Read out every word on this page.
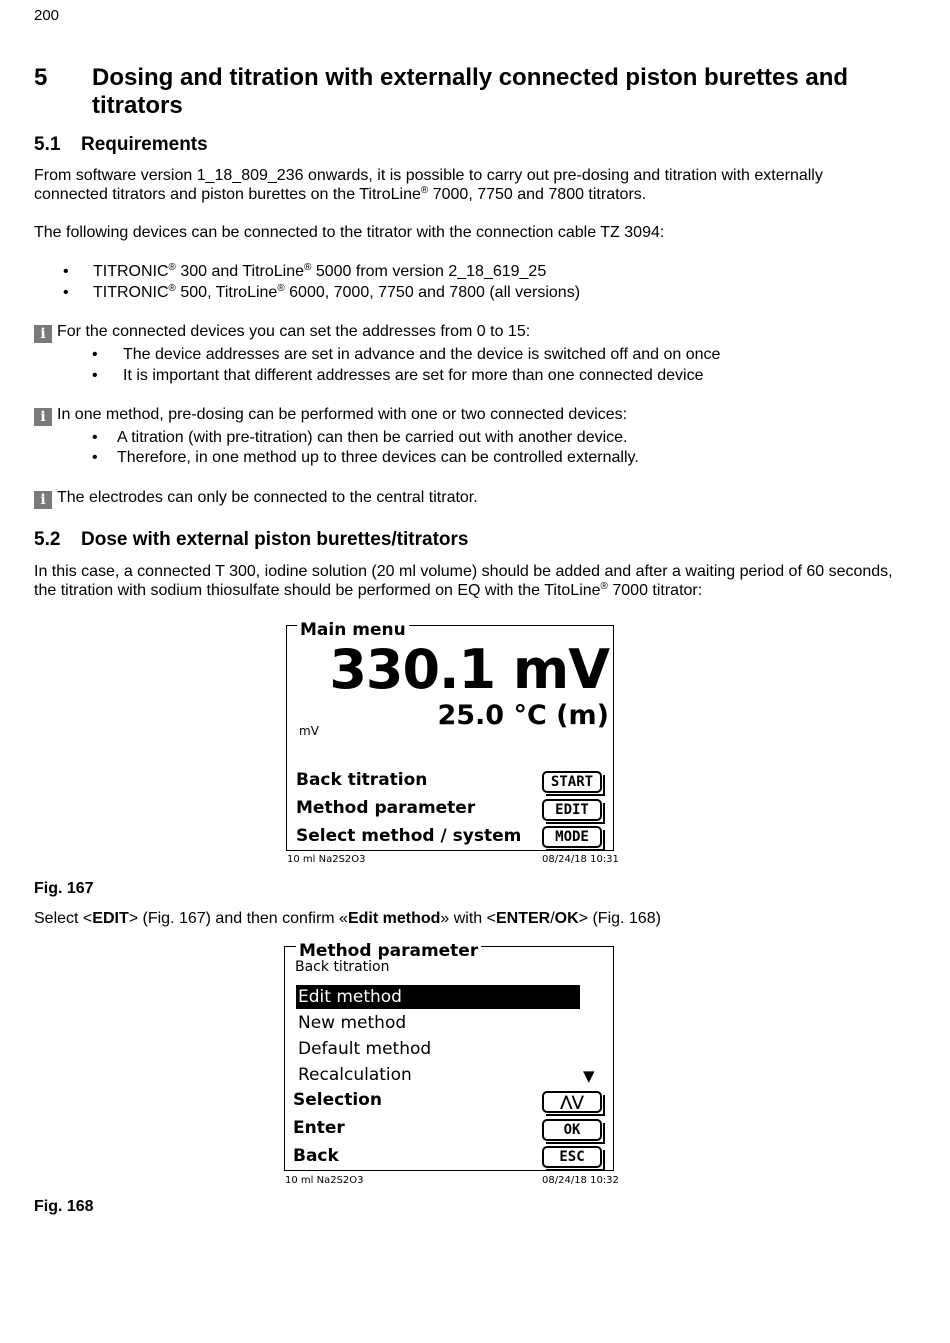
200
5 Dosing and titration with externally connected piston burettes and titrators
5.1 Requirements
From software version 1_18_809_236 onwards, it is possible to carry out pre-dosing and titration with externally connected titrators and piston burettes on the TitroLine® 7000, 7750 and 7800 titrators.
The following devices can be connected to the titrator with the connection cable TZ 3094:
• TITRONIC® 300 and TitroLine® 5000 from version 2_18_619_25
• TITRONIC® 500, TitroLine® 6000, 7000, 7750 and 7800 (all versions)
i For the connected devices you can set the addresses from 0 to 15:
• The device addresses are set in advance and the device is switched off and on once
• It is important that different addresses are set for more than one connected device
i In one method, pre-dosing can be performed with one or two connected devices:
• A titration (with pre-titration) can then be carried out with another device.
• Therefore, in one method up to three devices can be controlled externally.
i The electrodes can only be connected to the central titrator.
5.2 Dose with external piston burettes/titrators
In this case, a connected T 300, iodine solution (20 ml volume) should be added and after a waiting period of 60 seconds, the titration with sodium thiosulfate should be performed on EQ with the TitoLine® 7000 titrator:
Main menu
330.1 mV
25.0 °C (m)
mV
Back titration	START
Method parameter	EDIT
Select method / system	MODE
10 ml Na2S2O3	08/24/18 10:31
Fig. 167
Select <EDIT> (Fig. 167) and then confirm «Edit method» with <ENTER/OK> (Fig. 168)
Method parameter
Back titration
Edit method
New method
Default method
Recalculation	▼
Selection	⋀⋁
Enter	OK
Back	ESC
10 ml Na2S2O3	08/24/18 10:32
Fig. 168
